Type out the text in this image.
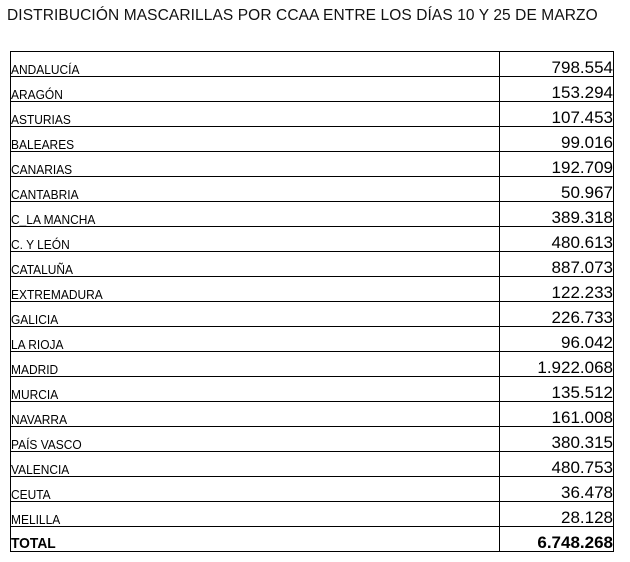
DISTRIBUCIÓN MASCARILLAS POR CCAA ENTRE LOS DÍAS 10 Y 25 DE MARZO
ANDALUCÍA	798.554
ARAGÓN	153.294
ASTURIAS	107.453
BALEARES	99.016
CANARIAS	192.709
CANTABRIA	50.967
C_LA MANCHA	389.318
C. Y LEÓN	480.613
CATALUÑA	887.073
EXTREMADURA	122.233
GALICIA	226.733
LA RIOJA	96.042
MADRID	1.922.068
MURCIA	135.512
NAVARRA	161.008
PAÍS VASCO	380.315
VALENCIA	480.753
CEUTA	36.478
MELILLA	28.128
TOTAL	6.748.268
